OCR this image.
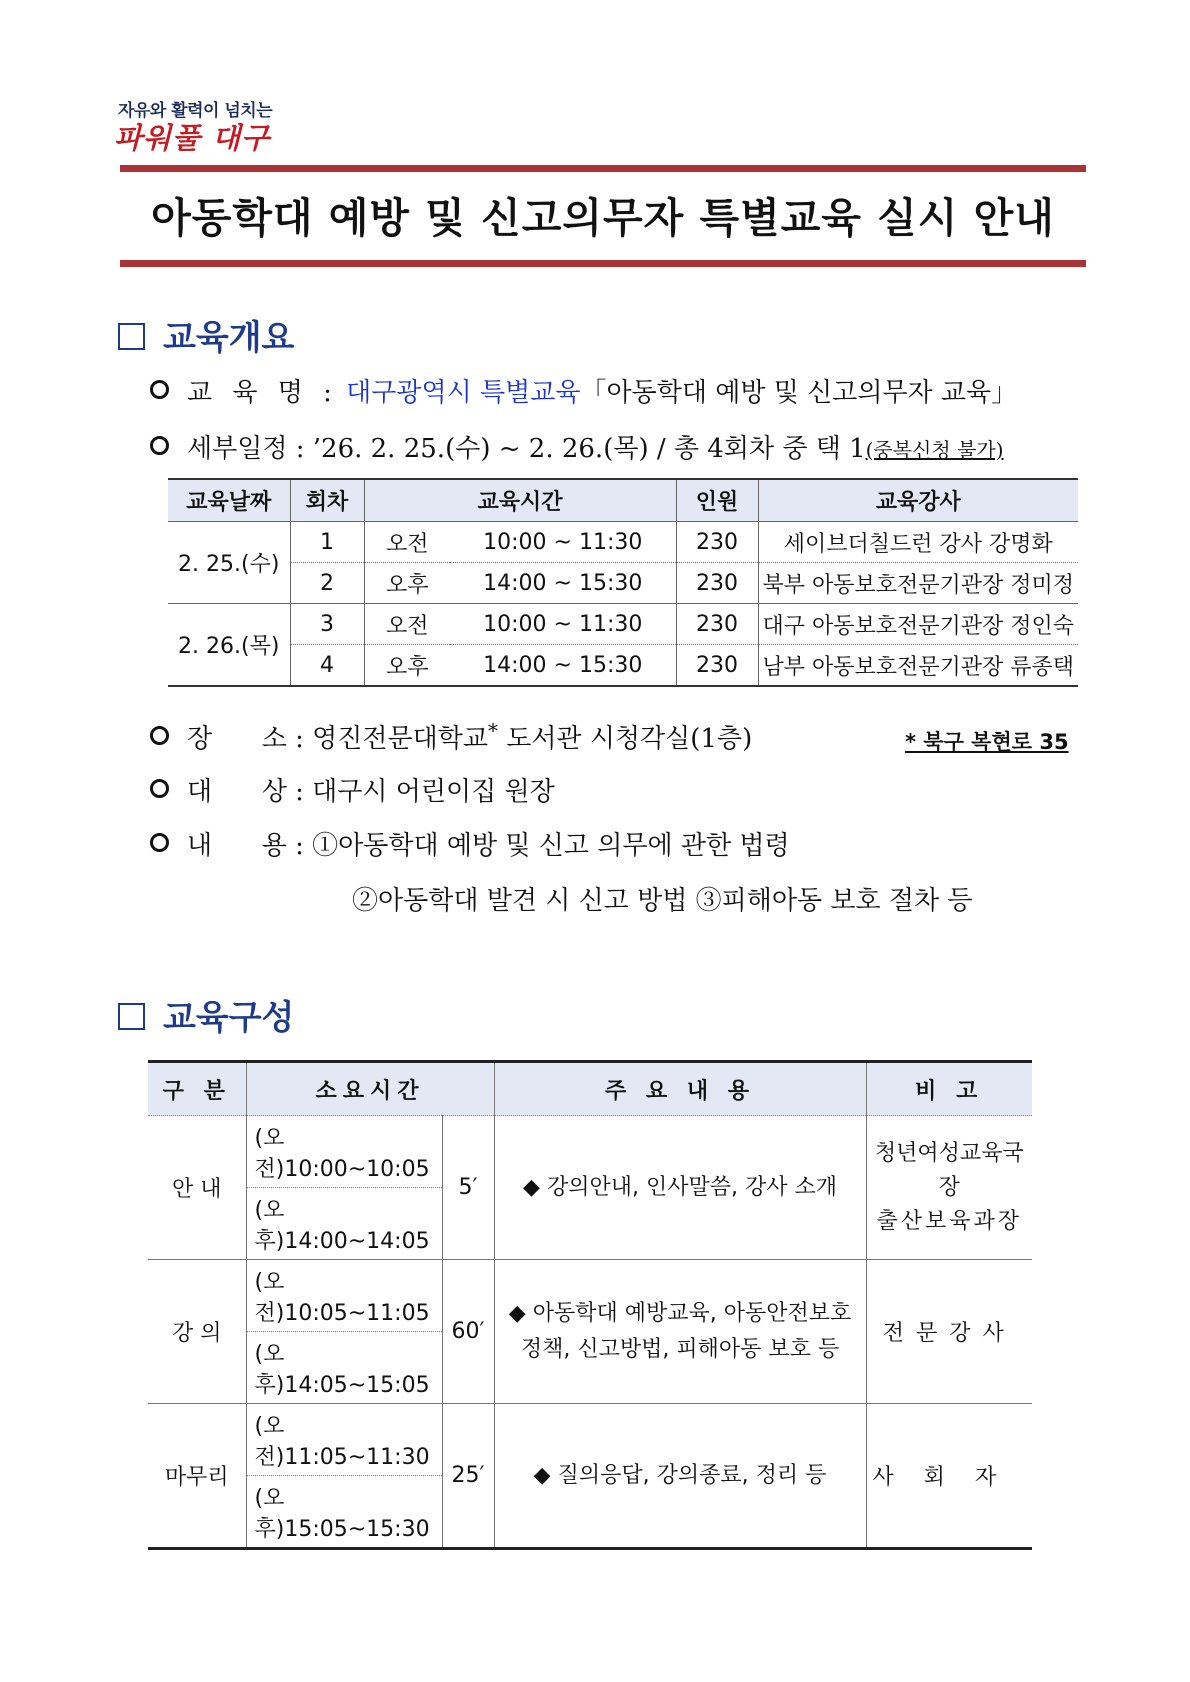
자유와 활력이 넘치는
파워풀 대구
아동학대 예방 및 신고의무자 특별교육 실시 안내
교육개요
교 육 명 : 대구광역시 특별교육「아동학대 예방 및 신고의무자 교육」
세부일정 : ’26. 2. 25.(수) ~ 2. 26.(목) / 총 4회차 중 택 1(중복신청 불가)
교육날짜	회차	교육시간		인원	교육강사
2. 25.(수)	1	오전	10:00 ~ 11:30	230	세이브더칠드런 강사 강명화
	2	오후	14:00 ~ 15:30	230	북부 아동보호전문기관장 정미정
2. 26.(목)	3	오전	10:00 ~ 11:30	230	대구 아동보호전문기관장 정인숙
	4	오후	14:00 ~ 15:30	230	남부 아동보호전문기관장 류종택
장      소 : 영진전문대학교* 도서관 시청각실(1층)	* 북구 복현로 35
대      상 : 대구시 어린이집 원장
내      용 : ①아동학대 예방 및 신고 의무에 관한 법령
②아동학대 발견 시 신고 방법 ③피해아동 보호 절차 등
교육구성
구 분	소요시간		주 요 내 용	비 고
안 내	(오전)10:00~10:05	5′	◆ 강의안내, 인사말씀, 강사 소개	청년여성교육국장
출산보육과장

	(오후)14:00~14:05			
강 의	(오전)10:05~11:05	60′	◆ 아동학대 예방교육, 아동안전보호
정책, 신고방법, 피해아동 보호 등	전문강사
	(오후)14:05~15:05			
마무리	(오전)11:05~11:30	25′	◆ 질의응답, 강의종료, 정리 등	사회자
	(오후)15:05~15:30			
